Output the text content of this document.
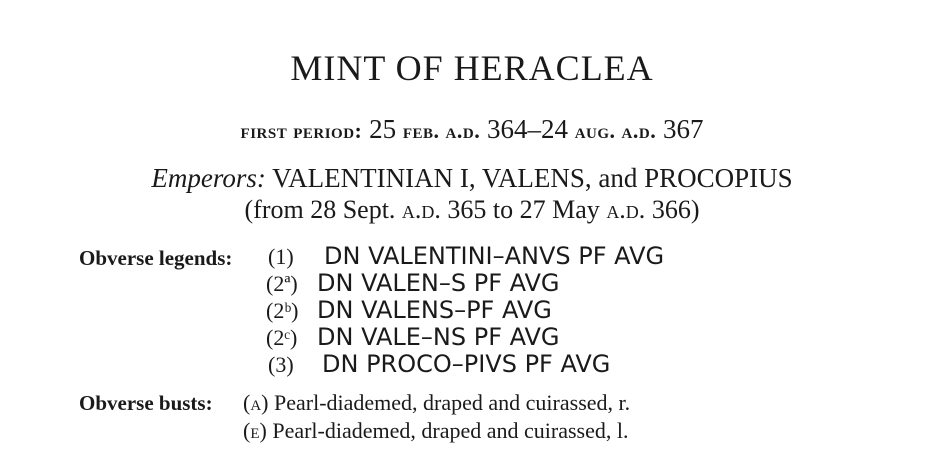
MINT OF HERACLEA
first period: 25 feb. a.d. 364–24 aug. a.d. 367
Emperors: VALENTINIAN I, VALENS, and PROCOPIUS
(from 28 Sept. a.d. 365 to 27 May a.d. 366)
Obverse legends: (1) DN VALENTINI–ANVS PF AVG
(2ª) DN VALEN–S PF AVG
(2ᵇ) DN VALENS–PF AVG
(2ᶜ) DN VALE–NS PF AVG
(3) DN PROCO–PIVS PF AVG
Obverse busts: (a) Pearl-diademed, draped and cuirassed, r.
(e) Pearl-diademed, draped and cuirassed, l.
